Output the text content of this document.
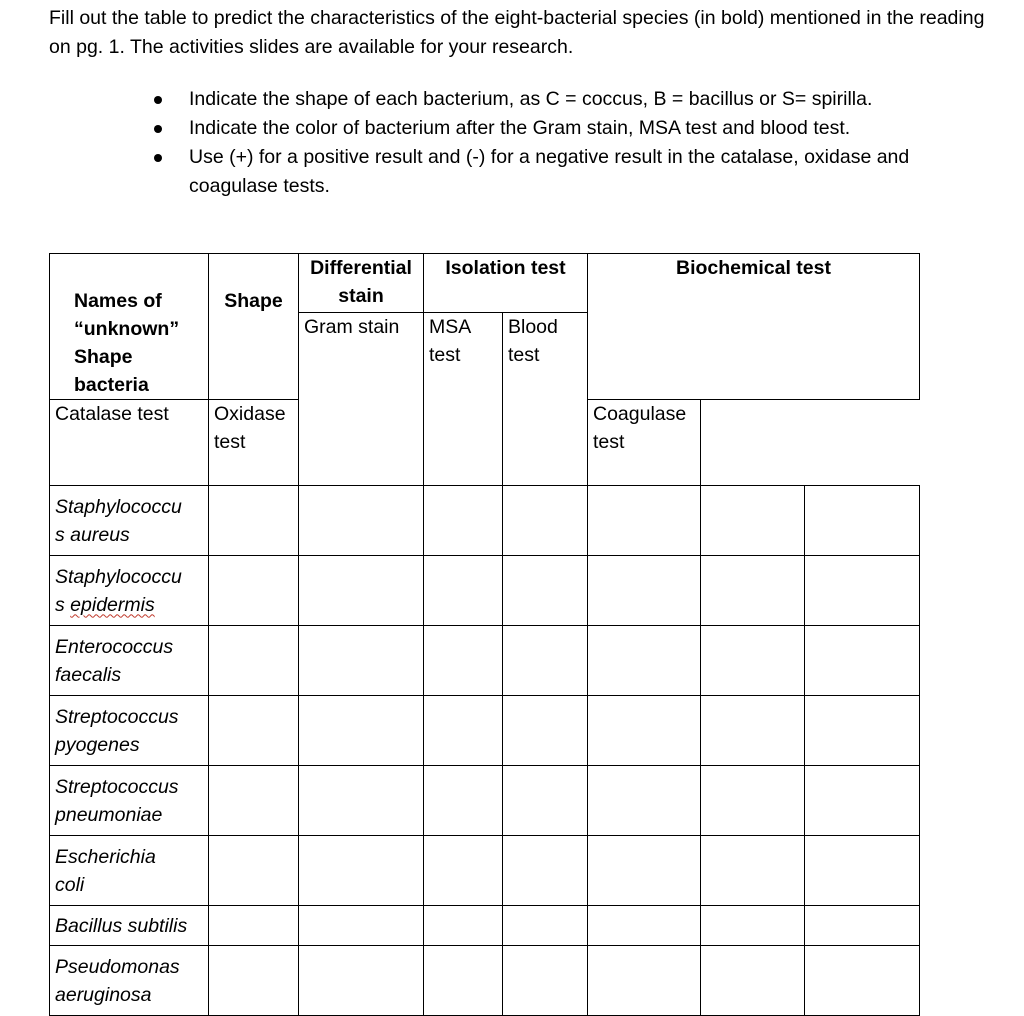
Fill out the table to predict the characteristics of the eight-bacterial species (in bold) mentioned in the reading on pg. 1. The activities slides are available for your research.

Indicate the shape of each bacterium, as C = coccus, B = bacillus or S= spirilla.
Indicate the color of bacterium after the Gram stain, MSA test and blood test.
Use (+) for a positive result and (-) for a negative result in the catalase, oxidase and coagulase tests.
Names of
“unknown”
Shape
bacteria	Shape	Differential stain	Isolation test		Biochemical test		
		Gram stain	MSA test	Blood test			
Catalase test	Oxidase test				Coagulase test		

Staphylococcu
s aureus							

Staphylococcu
s epidermis							

Enterococcus
faecalis							

Streptococcus
pyogenes							

Streptococcus
pneumoniae							

Escherichia
coli							

Bacillus subtilis							

Pseudomonas
aeruginosa							
